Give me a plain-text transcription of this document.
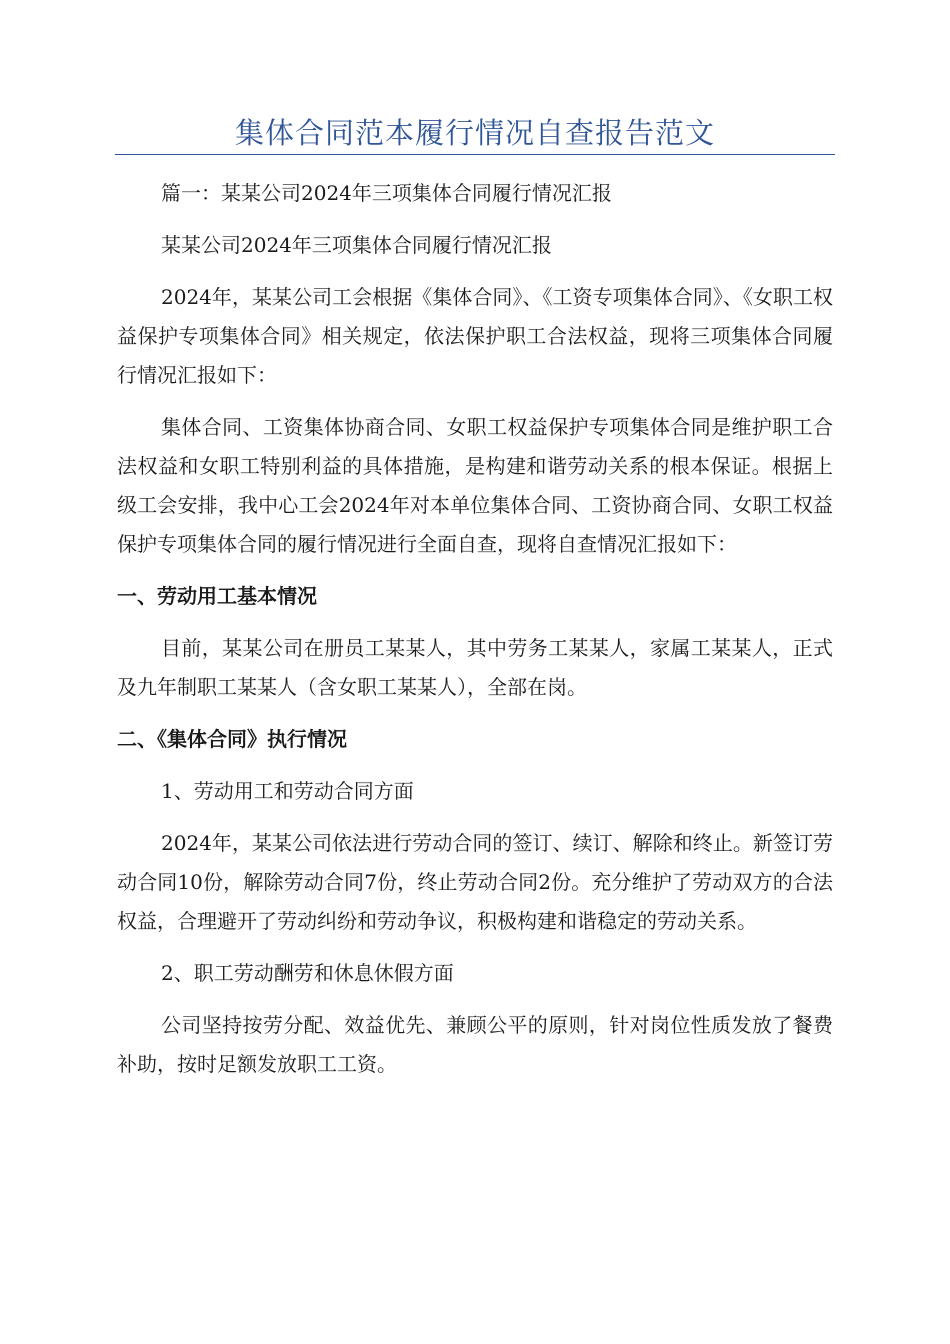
集体合同范本履行情况自查报告范文

篇一：某某公司2024年三项集体合同履行情况汇报

某某公司2024年三项集体合同履行情况汇报

2024年，某某公司工会根据《集体合同》、《工资专项集体合同》、《女职工权益保护专项集体合同》相关规定，依法保护职工合法权益，现将三项集体合同履行情况汇报如下：

集体合同、工资集体协商合同、女职工权益保护专项集体合同是维护职工合法权益和女职工特别利益的具体措施，是构建和谐劳动关系的根本保证。根据上级工会安排，我中心工会2024年对本单位集体合同、工资协商合同、女职工权益保护专项集体合同的履行情况进行全面自查，现将自查情况汇报如下：

一、劳动用工基本情况

目前，某某公司在册员工某某人，其中劳务工某某人，家属工某某人，正式及九年制职工某某人（含女职工某某人），全部在岗。

二、《集体合同》执行情况

1、劳动用工和劳动合同方面

2024年，某某公司依法进行劳动合同的签订、续订、解除和终止。新签订劳动合同10份，解除劳动合同7份，终止劳动合同2份。充分维护了劳动双方的合法权益，合理避开了劳动纠纷和劳动争议，积极构建和谐稳定的劳动关系。

2、职工劳动酬劳和休息休假方面

公司坚持按劳分配、效益优先、兼顾公平的原则，针对岗位性质发放了餐费补助，按时足额发放职工工资。
